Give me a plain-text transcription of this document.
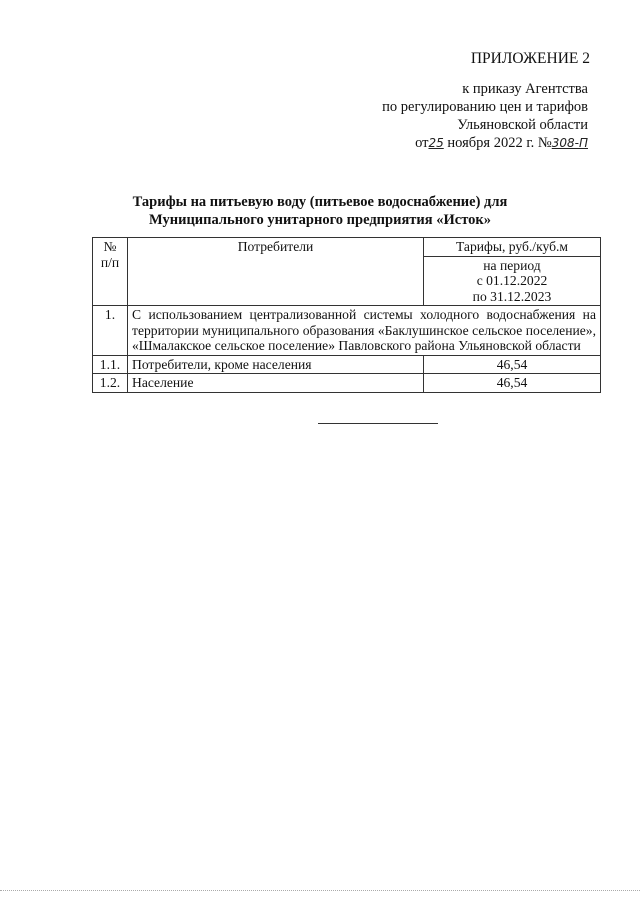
ПРИЛОЖЕНИЕ 2
к приказу Агентства
по регулированию цен и тарифов
Ульяновской области
от25 ноября 2022 г. №308-П
Тарифы на питьевую воду (питьевое водоснабжение) для
Муниципального унитарного предприятия «Исток»
№
п/п	Потребители	Тарифы, руб./куб.м
		на период
с 01.12.2022
по 31.12.2023
1.	С использованием централизованной системы холодного водоснабжения на территории муниципального образования «Баклушинское сельское поселение», «Шмалакское сельское поселение» Павловского района Ульяновской области	
1.1.	Потребители, кроме населения	46,54
1.2.	Население	46,54
